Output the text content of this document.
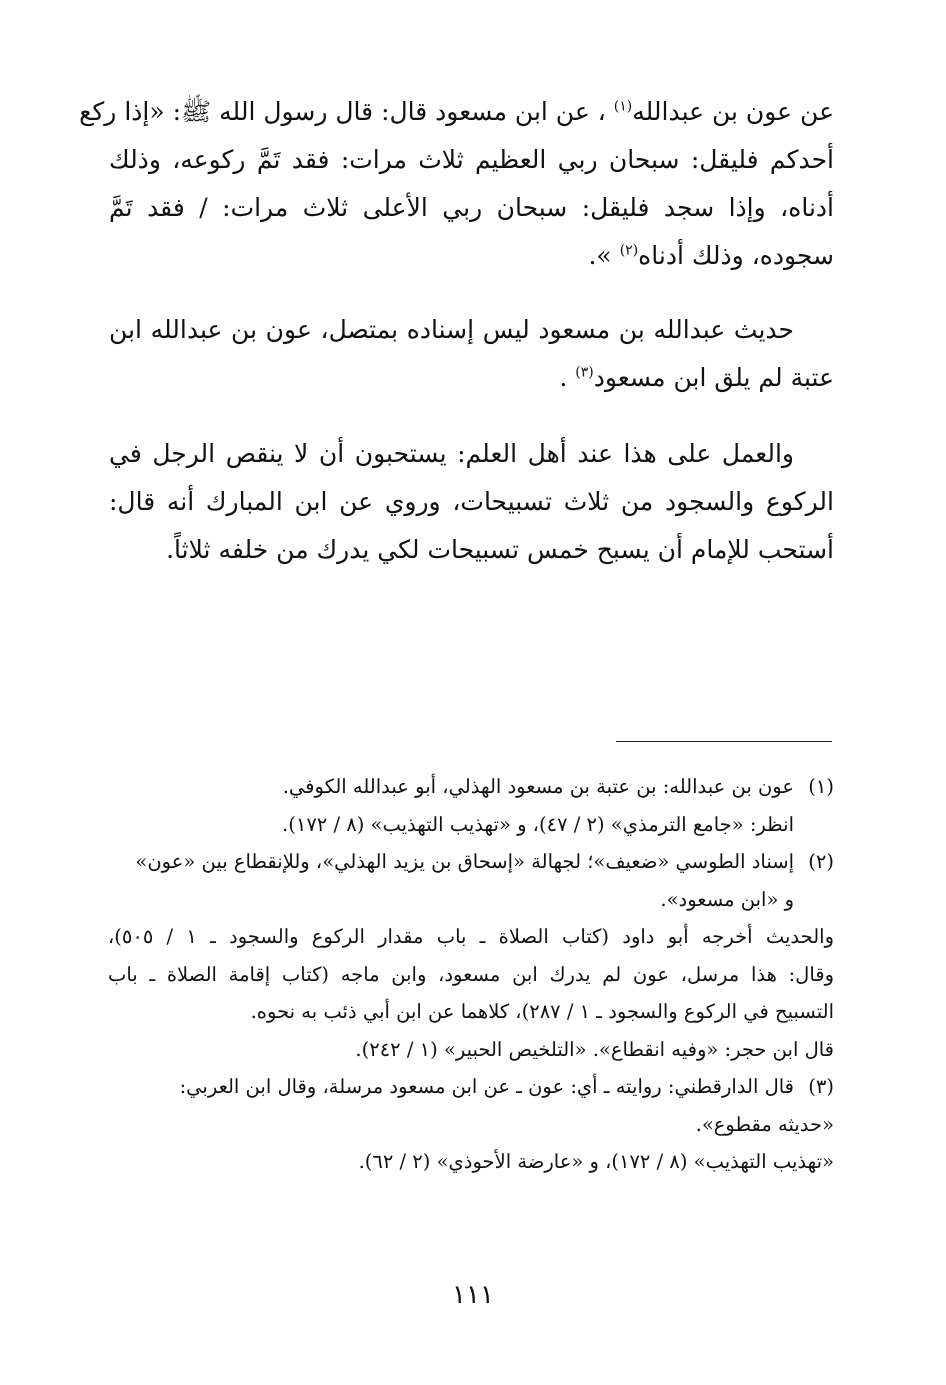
عن عون بن عبدالله$^{(١)}$ ، عن ابن مسعود قال: قال رسول الله ﷺ: «إذا ركع
أحدكم فليقل: سبحان ربي العظيم ثلاث مرات: فقد تَمَّ ركوعه، وذلك
أدناه، وإذا سجد فليقل: سبحان ربي الأعلى ثلاث مرات: / فقد تَمَّ
سجوده، وذلك أدناه$^{(٢)}$ ».
حديث عبدالله بن مسعود ليس إسناده بمتصل، عون بن عبدالله ابن
عتبة لم يلق ابن مسعود$^{(٣)}$ .
والعمل على هذا عند أهل العلم: يستحبون أن لا ينقص الرجل في
الركوع والسجود من ثلاث تسبيحات، وروي عن ابن المبارك أنه قال:
أستحب للإمام أن يسبح خمس تسبيحات لكي يدرك من خلفه ثلاثاً.
(١)عون بن عبدالله: بن عتبة بن مسعود الهذلي، أبو عبدالله الكوفي.
انظر: «جامع الترمذي» (٢ / ٤٧)، و «تهذيب التهذيب» (٨ / ١٧٢).
(٢)إسناد الطوسي «ضعيف»؛ لجهالة «إسحاق بن يزيد الهذلي»، وللإنقطاع بين «عون»
و «ابن مسعود».
والحديث أخرجه أبو داود (كتاب الصلاة ـ باب مقدار الركوع والسجود ـ ١ / ٥٠٥)،
وقال: هذا مرسل، عون لم يدرك ابن مسعود، وابن ماجه (كتاب إقامة الصلاة ـ باب
التسبيح في الركوع والسجود ـ ١ / ٢٨٧)، كلاهما عن ابن أبي ذئب به نحوه.
قال ابن حجر: «وفيه انقطاع». «التلخيص الحبير» (١ / ٢٤٢).
(٣)قال الدارقطني: روايته ـ أي: عون ـ عن ابن مسعود مرسلة، وقال ابن العربي:
«حديثه مقطوع».
«تهذيب التهذيب» (٨ / ١٧٢)، و «عارضة الأحوذي» (٢ / ٦٢).
١١١
